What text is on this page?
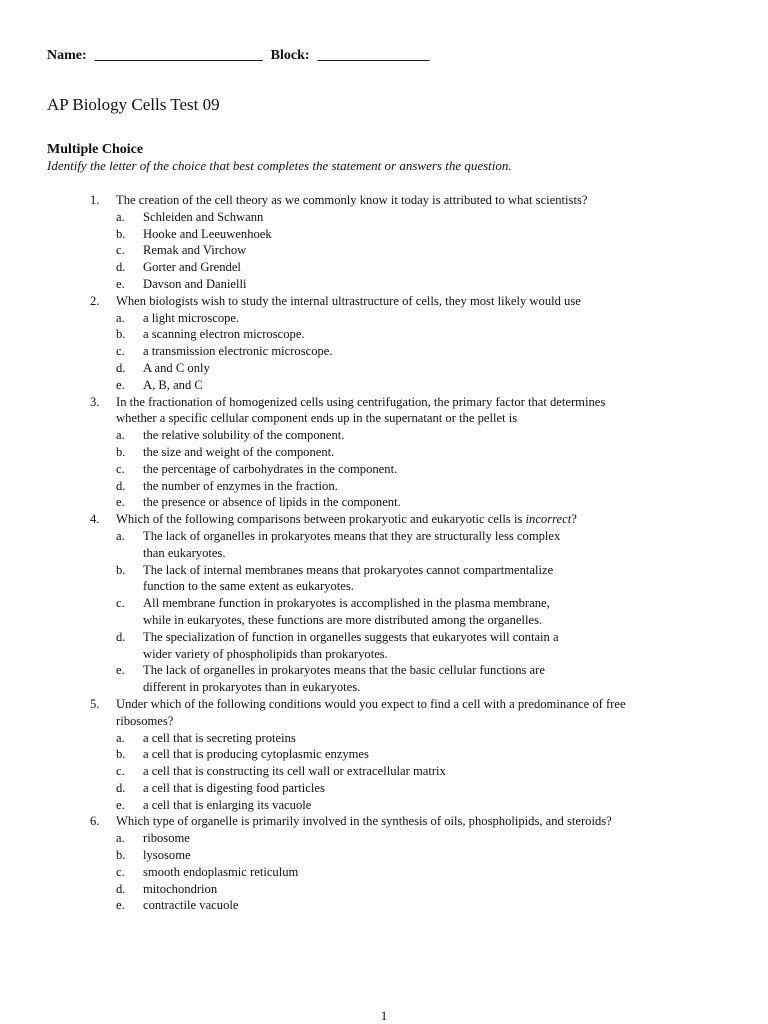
Name: ________________________ Block: ________________
AP Biology Cells Test 09
Multiple Choice
Identify the letter of the choice that best completes the statement or answers the question.
1.	The creation of the cell theory as we commonly know it today is attributed to what scientists?
a.	Schleiden and Schwann
b.	Hooke and Leeuwenhoek
c.	Remak and Virchow
d.	Gorter and Grendel
e.	Davson and Danielli
2.	When biologists wish to study the internal ultrastructure of cells, they most likely would use
a.	a light microscope.
b.	a scanning electron microscope.
c.	a transmission electronic microscope.
d.	A and C only
e.	A, B, and C
3.	In the fractionation of homogenized cells using centrifugation, the primary factor that determines
whether a specific cellular component ends up in the supernatant or the pellet is
a.	the relative solubility of the component.
b.	the size and weight of the component.
c.	the percentage of carbohydrates in the component.
d.	the number of enzymes in the fraction.
e.	the presence or absence of lipids in the component.
4.	Which of the following comparisons between prokaryotic and eukaryotic cells is incorrect?
a.	The lack of organelles in prokaryotes means that they are structurally less complex
than eukaryotes.
b.	The lack of internal membranes means that prokaryotes cannot compartmentalize
function to the same extent as eukaryotes.
c.	All membrane function in prokaryotes is accomplished in the plasma membrane,
while in eukaryotes, these functions are more distributed among the organelles.
d.	The specialization of function in organelles suggests that eukaryotes will contain a
wider variety of phospholipids than prokaryotes.
e.	The lack of organelles in prokaryotes means that the basic cellular functions are
different in prokaryotes than in eukaryotes.
5.	Under which of the following conditions would you expect to find a cell with a predominance of free
ribosomes?
a.	a cell that is secreting proteins
b.	a cell that is producing cytoplasmic enzymes
c.	a cell that is constructing its cell wall or extracellular matrix
d.	a cell that is digesting food particles
e.	a cell that is enlarging its vacuole
6.	Which type of organelle is primarily involved in the synthesis of oils, phospholipids, and steroids?
a.	ribosome
b.	lysosome
c.	smooth endoplasmic reticulum
d.	mitochondrion
e.	contractile vacuole
1
